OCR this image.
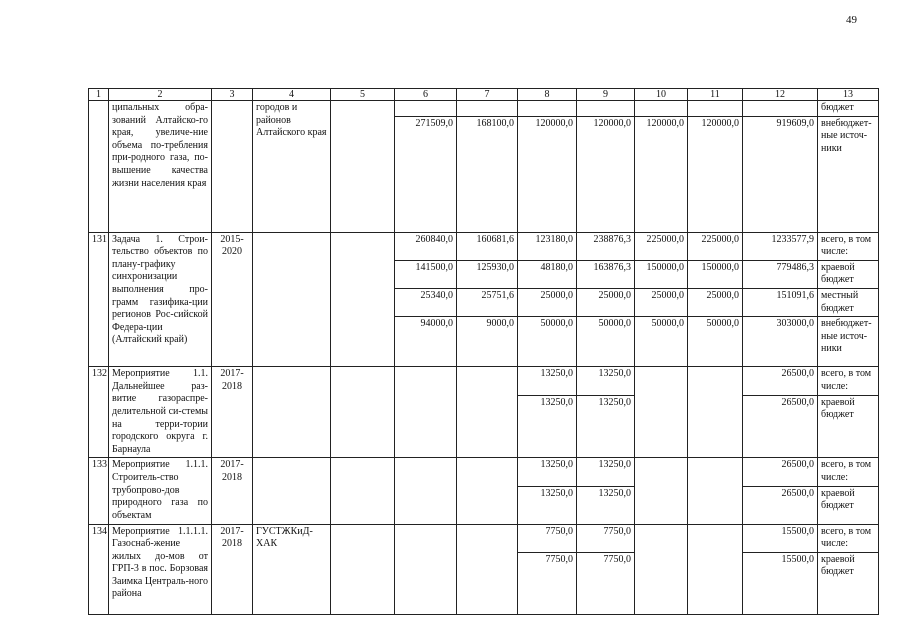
49
1	2	3	4	5	6	7	8	9	10	11	12	13
	ципальных обра-зований Алтайско-го края, увеличе-ние объема по-требления при-родного газа, по-вышение качества жизни населения края		городов и районов Алтайского края									бюджет
					271509,0	168100,0	120000,0	120000,0	120000,0	120000,0	919609,0	внебюджет-ные источ-ники
131	Задача 1. Строи-тельство объектов по плану-графику синхронизации выполнения про-грамм газифика-ции регионов Рос-сийской Федера-ции (Алтайский край)	2015-2020			260840,0	160681,6	123180,0	238876,3	225000,0	225000,0	1233577,9	всего, в том числе:
					141500,0	125930,0	48180,0	163876,3	150000,0	150000,0	779486,3	краевой бюджет
					25340,0	25751,6	25000,0	25000,0	25000,0	25000,0	151091,6	местный бюджет
					94000,0	9000,0	50000,0	50000,0	50000,0	50000,0	303000,0	внебюджет-ные источ-ники
132	Мероприятие 1.1. Дальнейшее раз-витие газораспре-делительной си-стемы на терри-тории городского округа г. Барнаула	2017-2018					13250,0	13250,0			26500,0	всего, в том числе:
							13250,0	13250,0			26500,0	краевой бюджет
133	Мероприятие 1.1.1. Строитель-ство трубопрово-дов природного газа по объектам	2017-2018					13250,0	13250,0			26500,0	всего, в том числе:
							13250,0	13250,0			26500,0	краевой бюджет
134	Мероприятие 1.1.1.1. Газоснаб-жение жилых до-мов от ГРП-3 в пос. Борзовая Заимка Централь-ного района	2017-2018	ГУСТЖКиД-ХАК				7750,0	7750,0			15500,0	всего, в том числе:
							7750,0	7750,0			15500,0	краевой бюджет
